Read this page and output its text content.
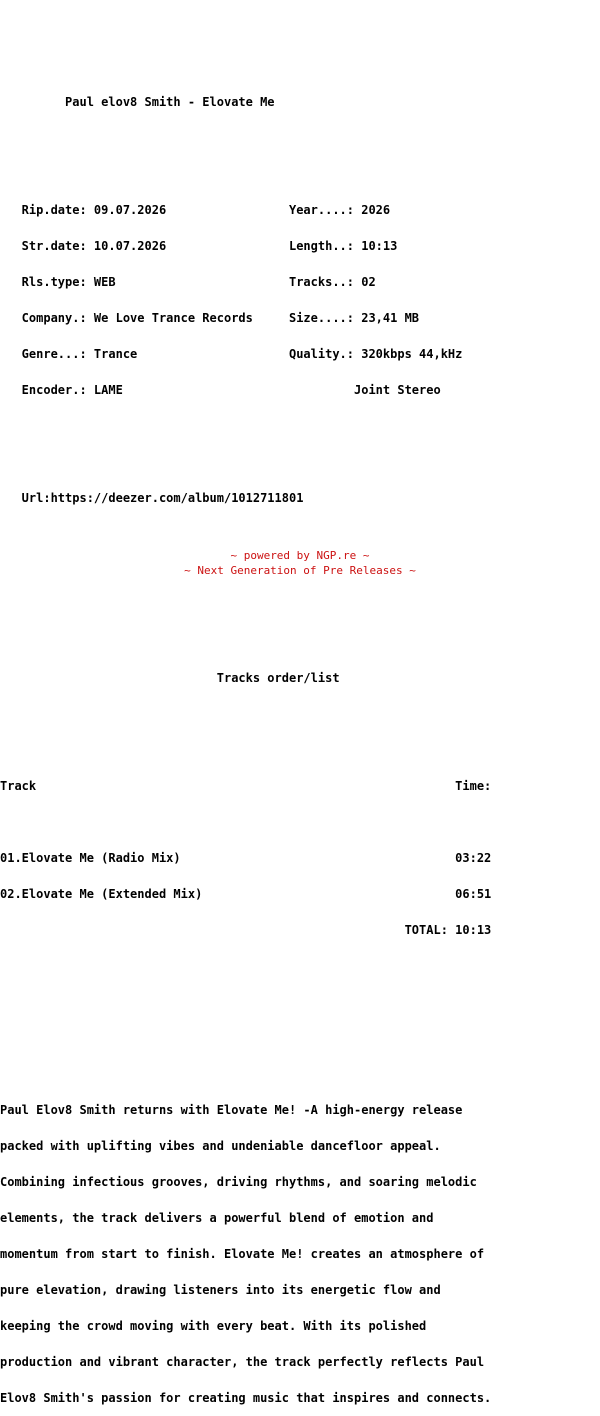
Paul elov8 Smith - Elovate Me

Rip.date: 09.07.2026                 Year....: 2026

Str.date: 10.07.2026                 Length..: 10:13

Rls.type: WEB                        Tracks..: 02

Company.: We Love Trance Records     Size....: 23,41 MB

Genre...: Trance                     Quality.: 320kbps 44,kHz

Encoder.: LAME                                Joint Stereo

Url:https://deezer.com/album/1012711801

Tracks order/list

Track                                                          Time:

01.Elovate Me (Radio Mix)                                      03:22

02.Elovate Me (Extended Mix)                                   06:51

TOTAL: 10:13

Paul Elov8 Smith returns with Elovate Me! -A high-energy release

packed with uplifting vibes and undeniable dancefloor appeal.

Combining infectious grooves, driving rhythms, and soaring melodic

elements, the track delivers a powerful blend of emotion and

momentum from start to finish. Elovate Me! creates an atmosphere of

pure elevation, drawing listeners into its energetic flow and

keeping the crowd moving with every beat. With its polished

production and vibrant character, the track perfectly reflects Paul

Elov8 Smith's passion for creating music that inspires and connects.

~ powered by NGP.re ~
~ Next Generation of Pre Releases ~
